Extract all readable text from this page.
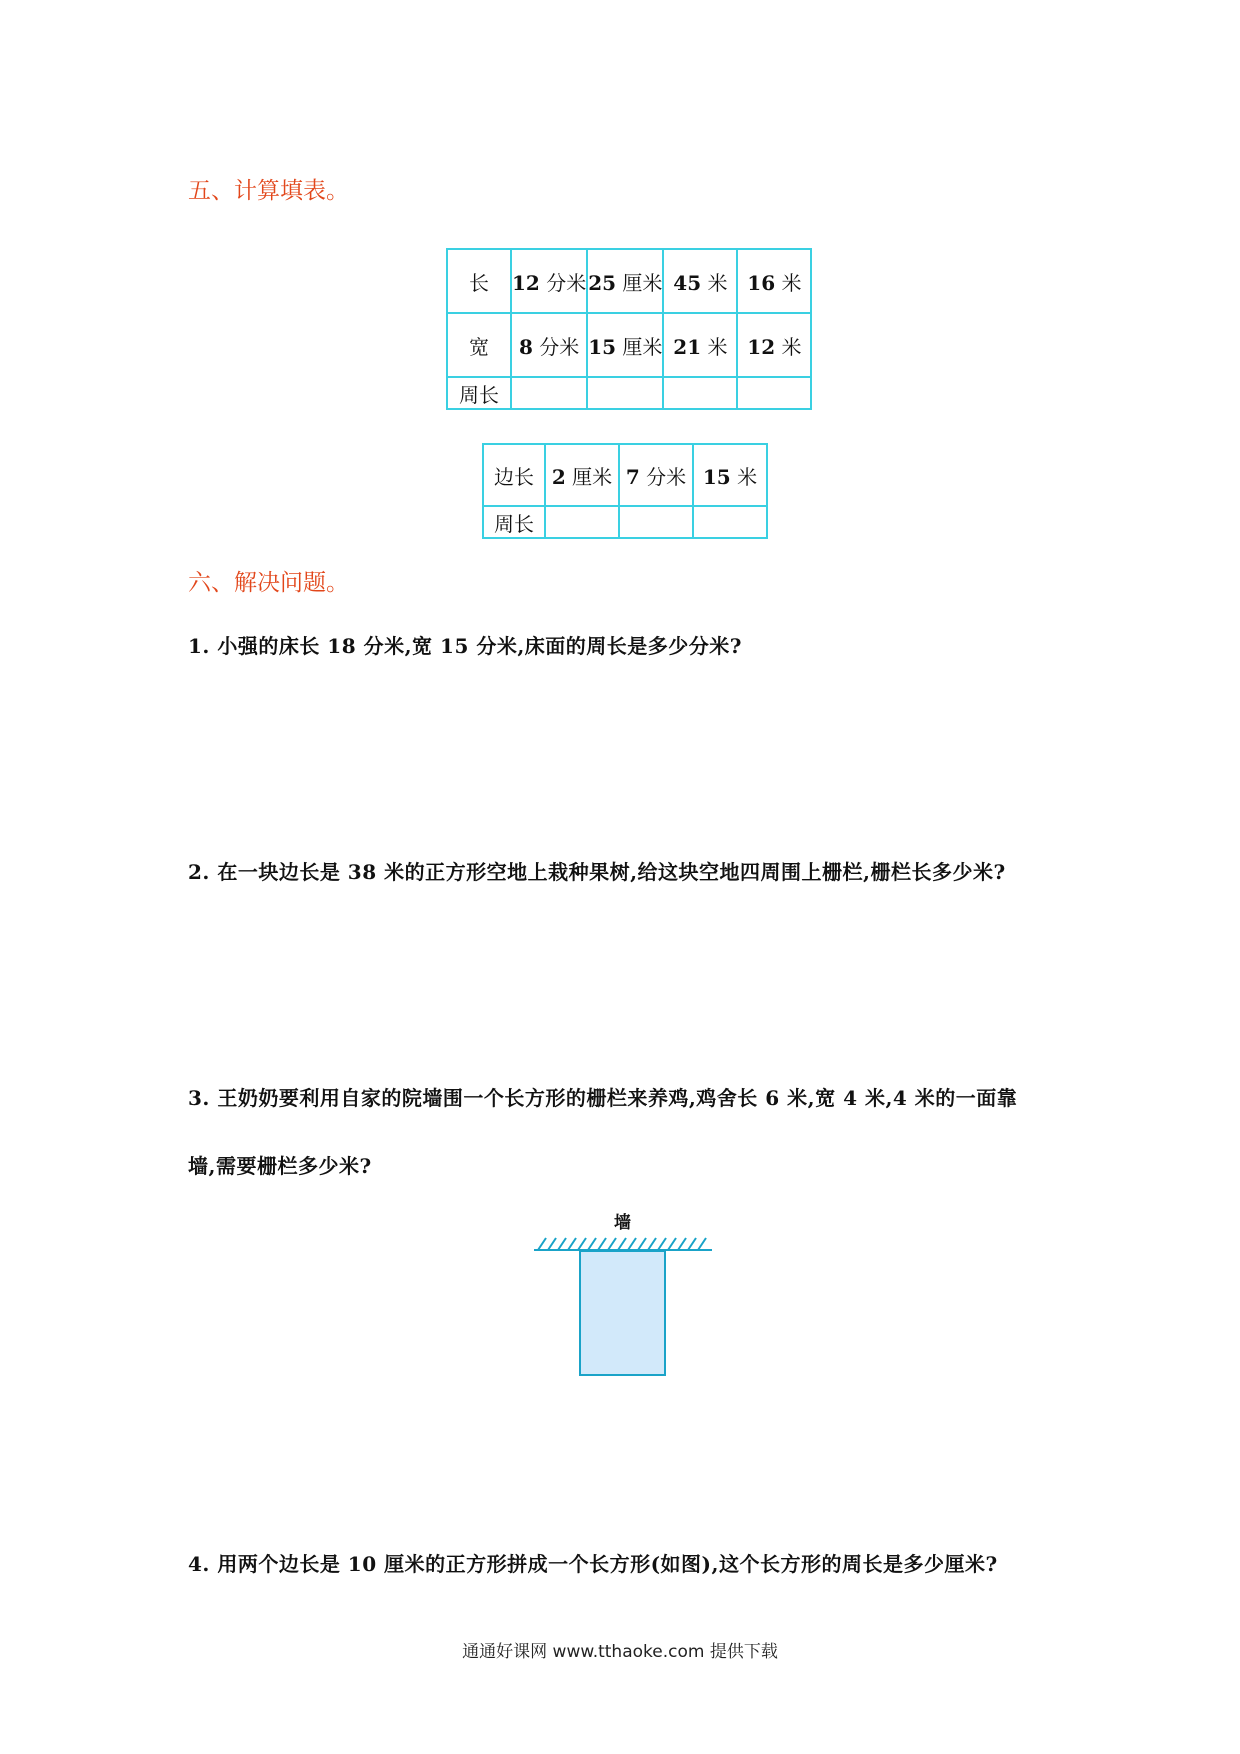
五、计算填表。
长	12 分米	25 厘米	45 米	16 米
宽	8 分米	15 厘米	21 米	12 米
周长				
边长	2 厘米	7 分米	15 米
周长			
六、解决问题。
1. 小强的床长 18 分米,宽 15 分米,床面的周长是多少分米?
2. 在一块边长是 38 米的正方形空地上栽种果树,给这块空地四周围上栅栏,栅栏长多少米?
3. 王奶奶要利用自家的院墙围一个长方形的栅栏来养鸡,鸡舍长 6 米,宽 4 米,4 米的一面靠
墙,需要栅栏多少米?
墙
4. 用两个边长是 10 厘米的正方形拼成一个长方形(如图),这个长方形的周长是多少厘米?
通通好课网 www.tthaoke.com 提供下载
